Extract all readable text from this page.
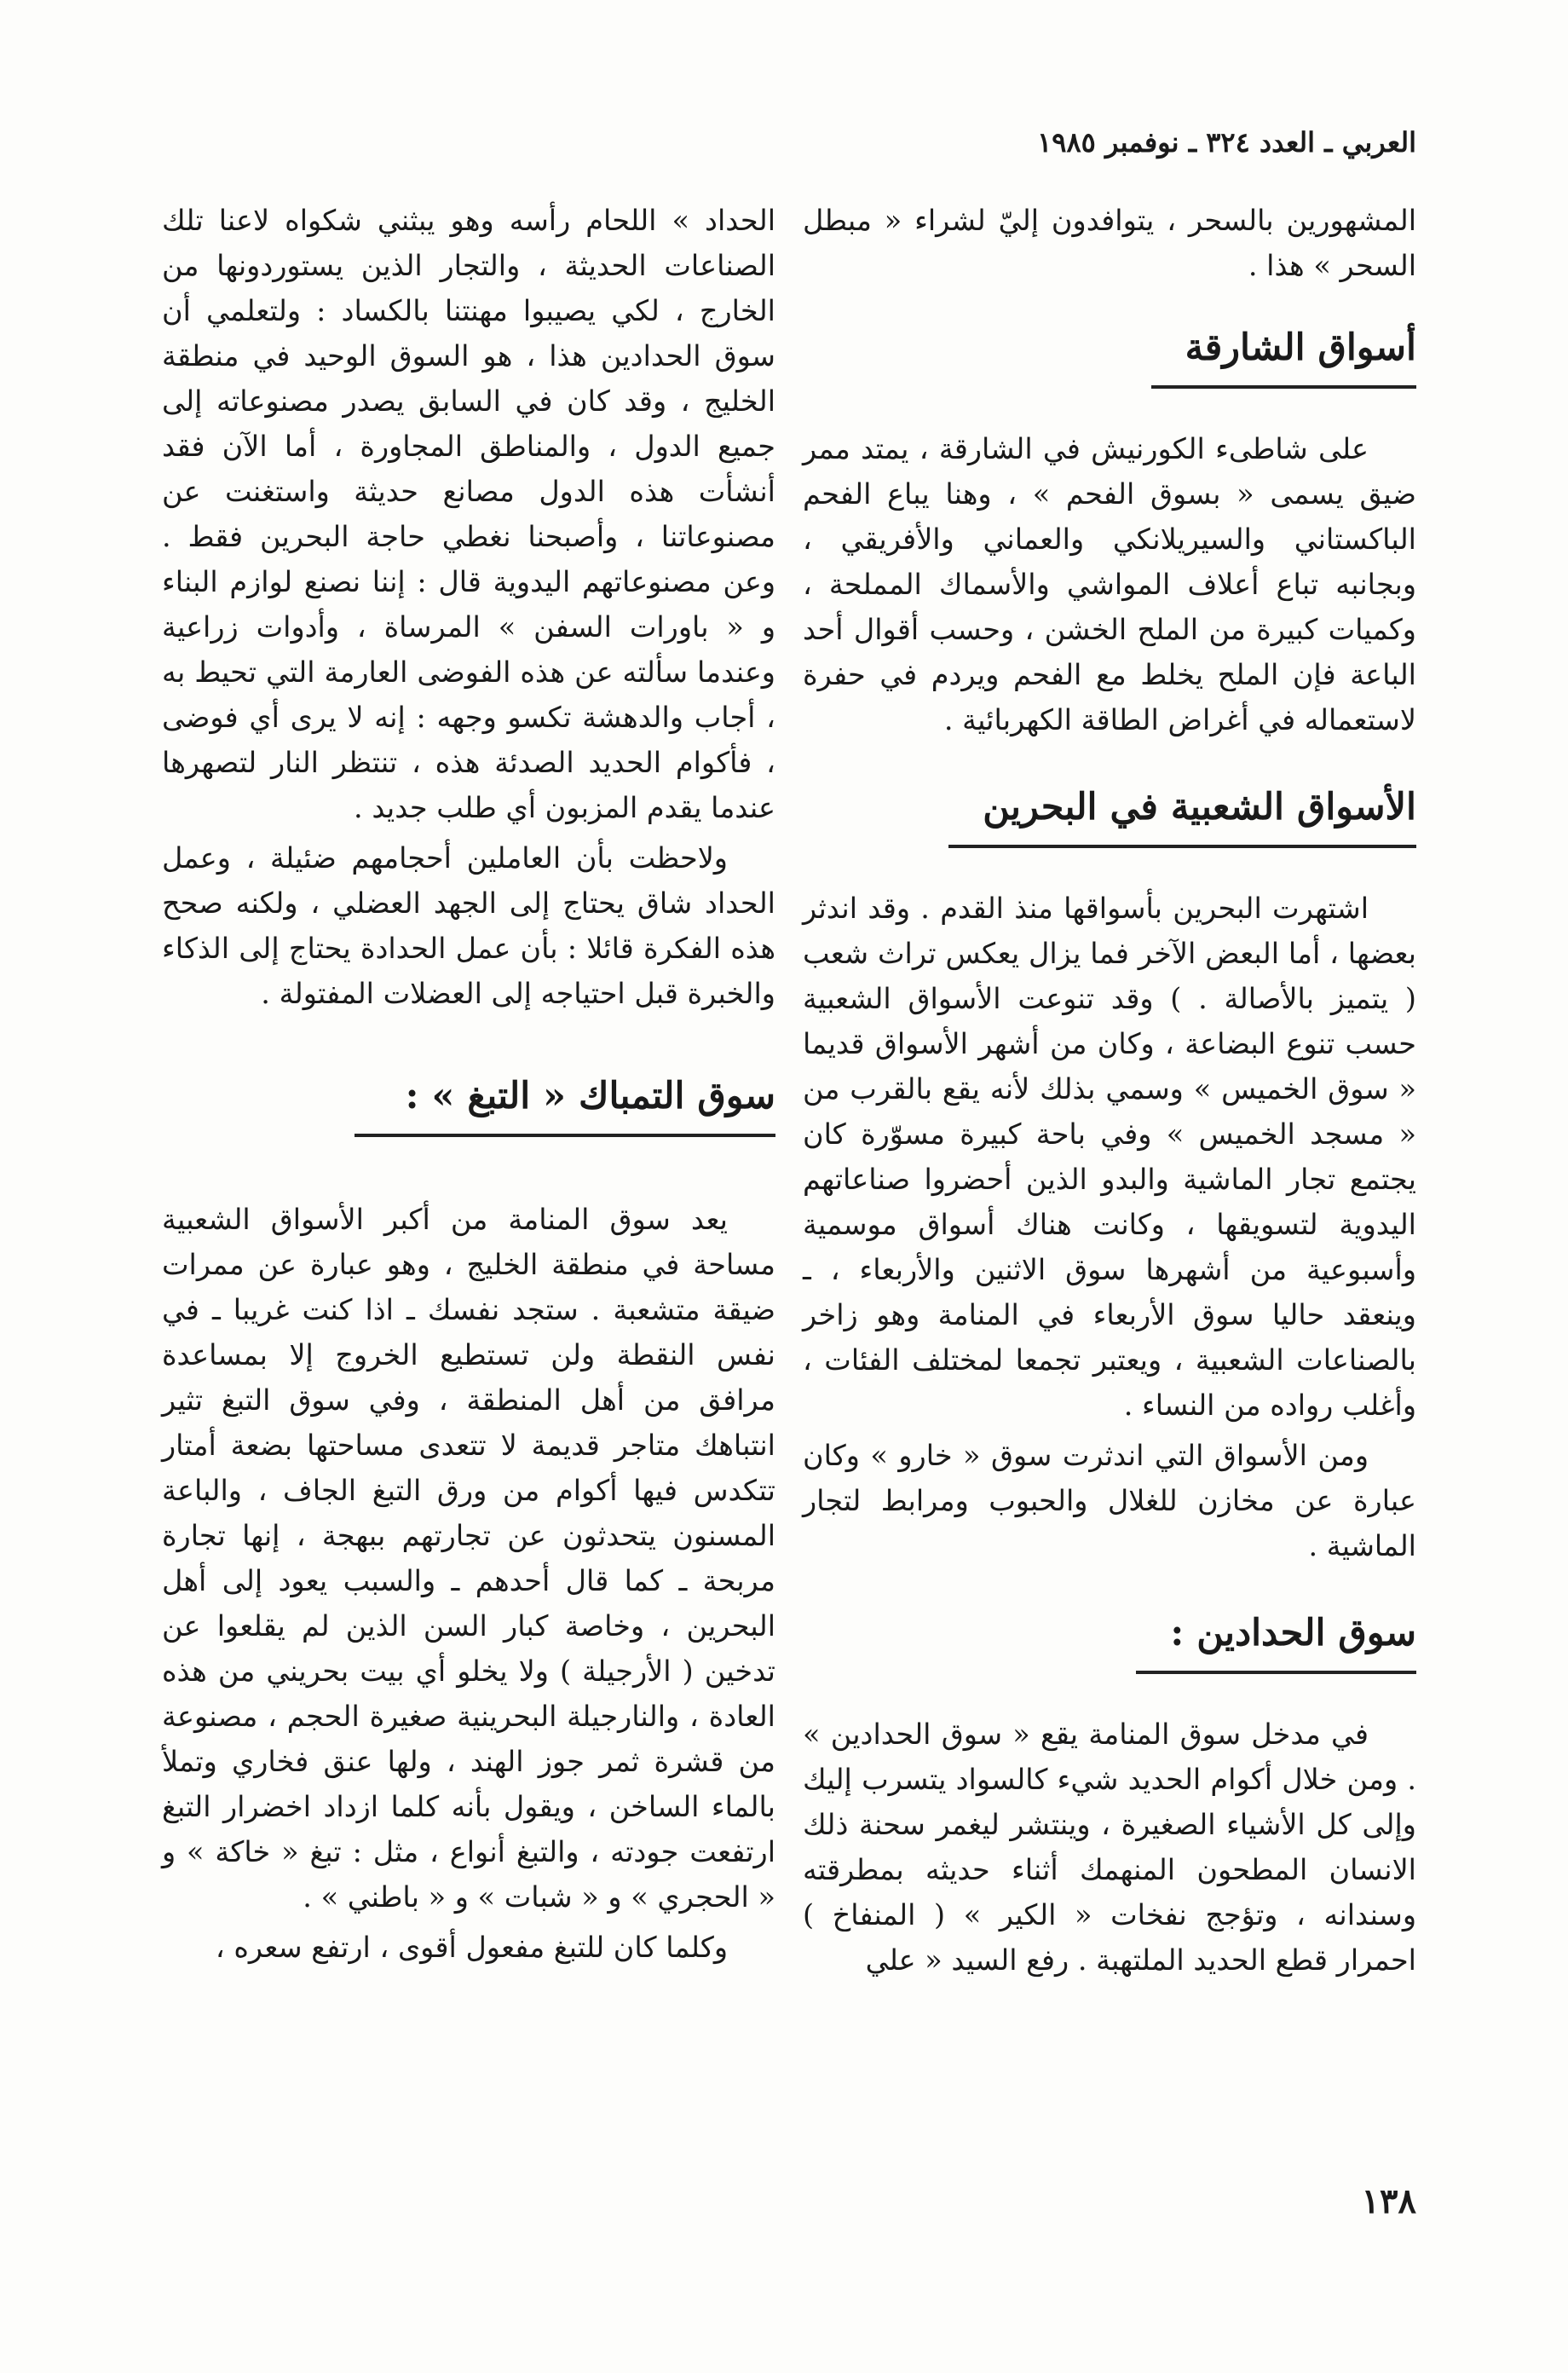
العربي ـ العدد ٣٢٤ ـ نوفمبر ١٩٨٥

المشهورين بالسحر ، يتوافدون إليّ لشراء « مبطل السحر » هذا .

أسواق الشارقة

على شاطىء الكورنيش في الشارقة ، يمتد ممر ضيق يسمى « بسوق الفحم » ، وهنا يباع الفحم الباكستاني والسيريلانكي والعماني والأفريقي ، وبجانبه تباع أعلاف المواشي والأسماك المملحة ، وكميات كبيرة من الملح الخشن ، وحسب أقوال أحد الباعة فإن الملح يخلط مع الفحم ويردم في حفرة لاستعماله في أغراض الطاقة الكهربائية .

الأسواق الشعبية في البحرين

اشتهرت البحرين بأسواقها منذ القدم . وقد اندثر بعضها ، أما البعض الآخر فما يزال يعكس تراث شعب ( يتميز بالأصالة . ) وقد تنوعت الأسواق الشعبية حسب تنوع البضاعة ، وكان من أشهر الأسواق قديما « سوق الخميس » وسمي بذلك لأنه يقع بالقرب من « مسجد الخميس » وفي باحة كبيرة مسوّرة كان يجتمع تجار الماشية والبدو الذين أحضروا صناعاتهم اليدوية لتسويقها ، وكانت هناك أسواق موسمية وأسبوعية من أشهرها سوق الاثنين والأربعاء ، ـ وينعقد حاليا سوق الأربعاء في المنامة وهو زاخر بالصناعات الشعبية ، ويعتبر تجمعا لمختلف الفئات ، وأغلب رواده من النساء .

ومن الأسواق التي اندثرت سوق « خارو » وكان عبارة عن مخازن للغلال والحبوب ومرابط لتجار الماشية .

سوق الحدادين :

في مدخل سوق المنامة يقع « سوق الحدادين » . ومن خلال أكوام الحديد شيء كالسواد يتسرب إليك وإلى كل الأشياء الصغيرة ، وينتشر ليغمر سحنة ذلك الانسان المطحون المنهمك أثناء حديثه بمطرقته وسندانه ، وتؤجج نفخات « الكير » ( المنفاخ ) احمرار قطع الحديد الملتهبة . رفع السيد « علي

الحداد » اللحام رأسه وهو يبثني شكواه لاعنا تلك الصناعات الحديثة ، والتجار الذين يستوردونها من الخارج ، لكي يصيبوا مهنتنا بالكساد : ولتعلمي أن سوق الحدادين هذا ، هو السوق الوحيد في منطقة الخليج ، وقد كان في السابق يصدر مصنوعاته إلى جميع الدول ، والمناطق المجاورة ، أما الآن فقد أنشأت هذه الدول مصانع حديثة واستغنت عن مصنوعاتنا ، وأصبحنا نغطي حاجة البحرين فقط . وعن مصنوعاتهم اليدوية قال : إننا نصنع لوازم البناء و « باورات السفن » المرساة ، وأدوات زراعية وعندما سألته عن هذه الفوضى العارمة التي تحيط به ، أجاب والدهشة تكسو وجهه : إنه لا يرى أي فوضى ، فأكوام الحديد الصدئة هذه ، تنتظر النار لتصهرها عندما يقدم المزبون أي طلب جديد .

ولاحظت بأن العاملين أحجامهم ضئيلة ، وعمل الحداد شاق يحتاج إلى الجهد العضلي ، ولكنه صحح هذه الفكرة قائلا : بأن عمل الحدادة يحتاج إلى الذكاء والخبرة قبل احتياجه إلى العضلات المفتولة .

سوق التمباك « التبغ » :

يعد سوق المنامة من أكبر الأسواق الشعبية مساحة في منطقة الخليج ، وهو عبارة عن ممرات ضيقة متشعبة . ستجد نفسك ـ اذا كنت غريبا ـ في نفس النقطة ولن تستطيع الخروج إلا بمساعدة مرافق من أهل المنطقة ، وفي سوق التبغ تثير انتباهك متاجر قديمة لا تتعدى مساحتها بضعة أمتار تتكدس فيها أكوام من ورق التبغ الجاف ، والباعة المسنون يتحدثون عن تجارتهم ببهجة ، إنها تجارة مربحة ـ كما قال أحدهم ـ والسبب يعود إلى أهل البحرين ، وخاصة كبار السن الذين لم يقلعوا عن تدخين ( الأرجيلة ) ولا يخلو أي بيت بحريني من هذه العادة ، والنارجيلة البحرينية صغيرة الحجم ، مصنوعة من قشرة ثمر جوز الهند ، ولها عنق فخاري وتملأ بالماء الساخن ، ويقول بأنه كلما ازداد اخضرار التبغ ارتفعت جودته ، والتبغ أنواع ، مثل : تبغ « خاكة » و « الحجري » و « شبات » و « باطني » .

وكلما كان للتبغ مفعول أقوى ، ارتفع سعره ،

١٣٨
